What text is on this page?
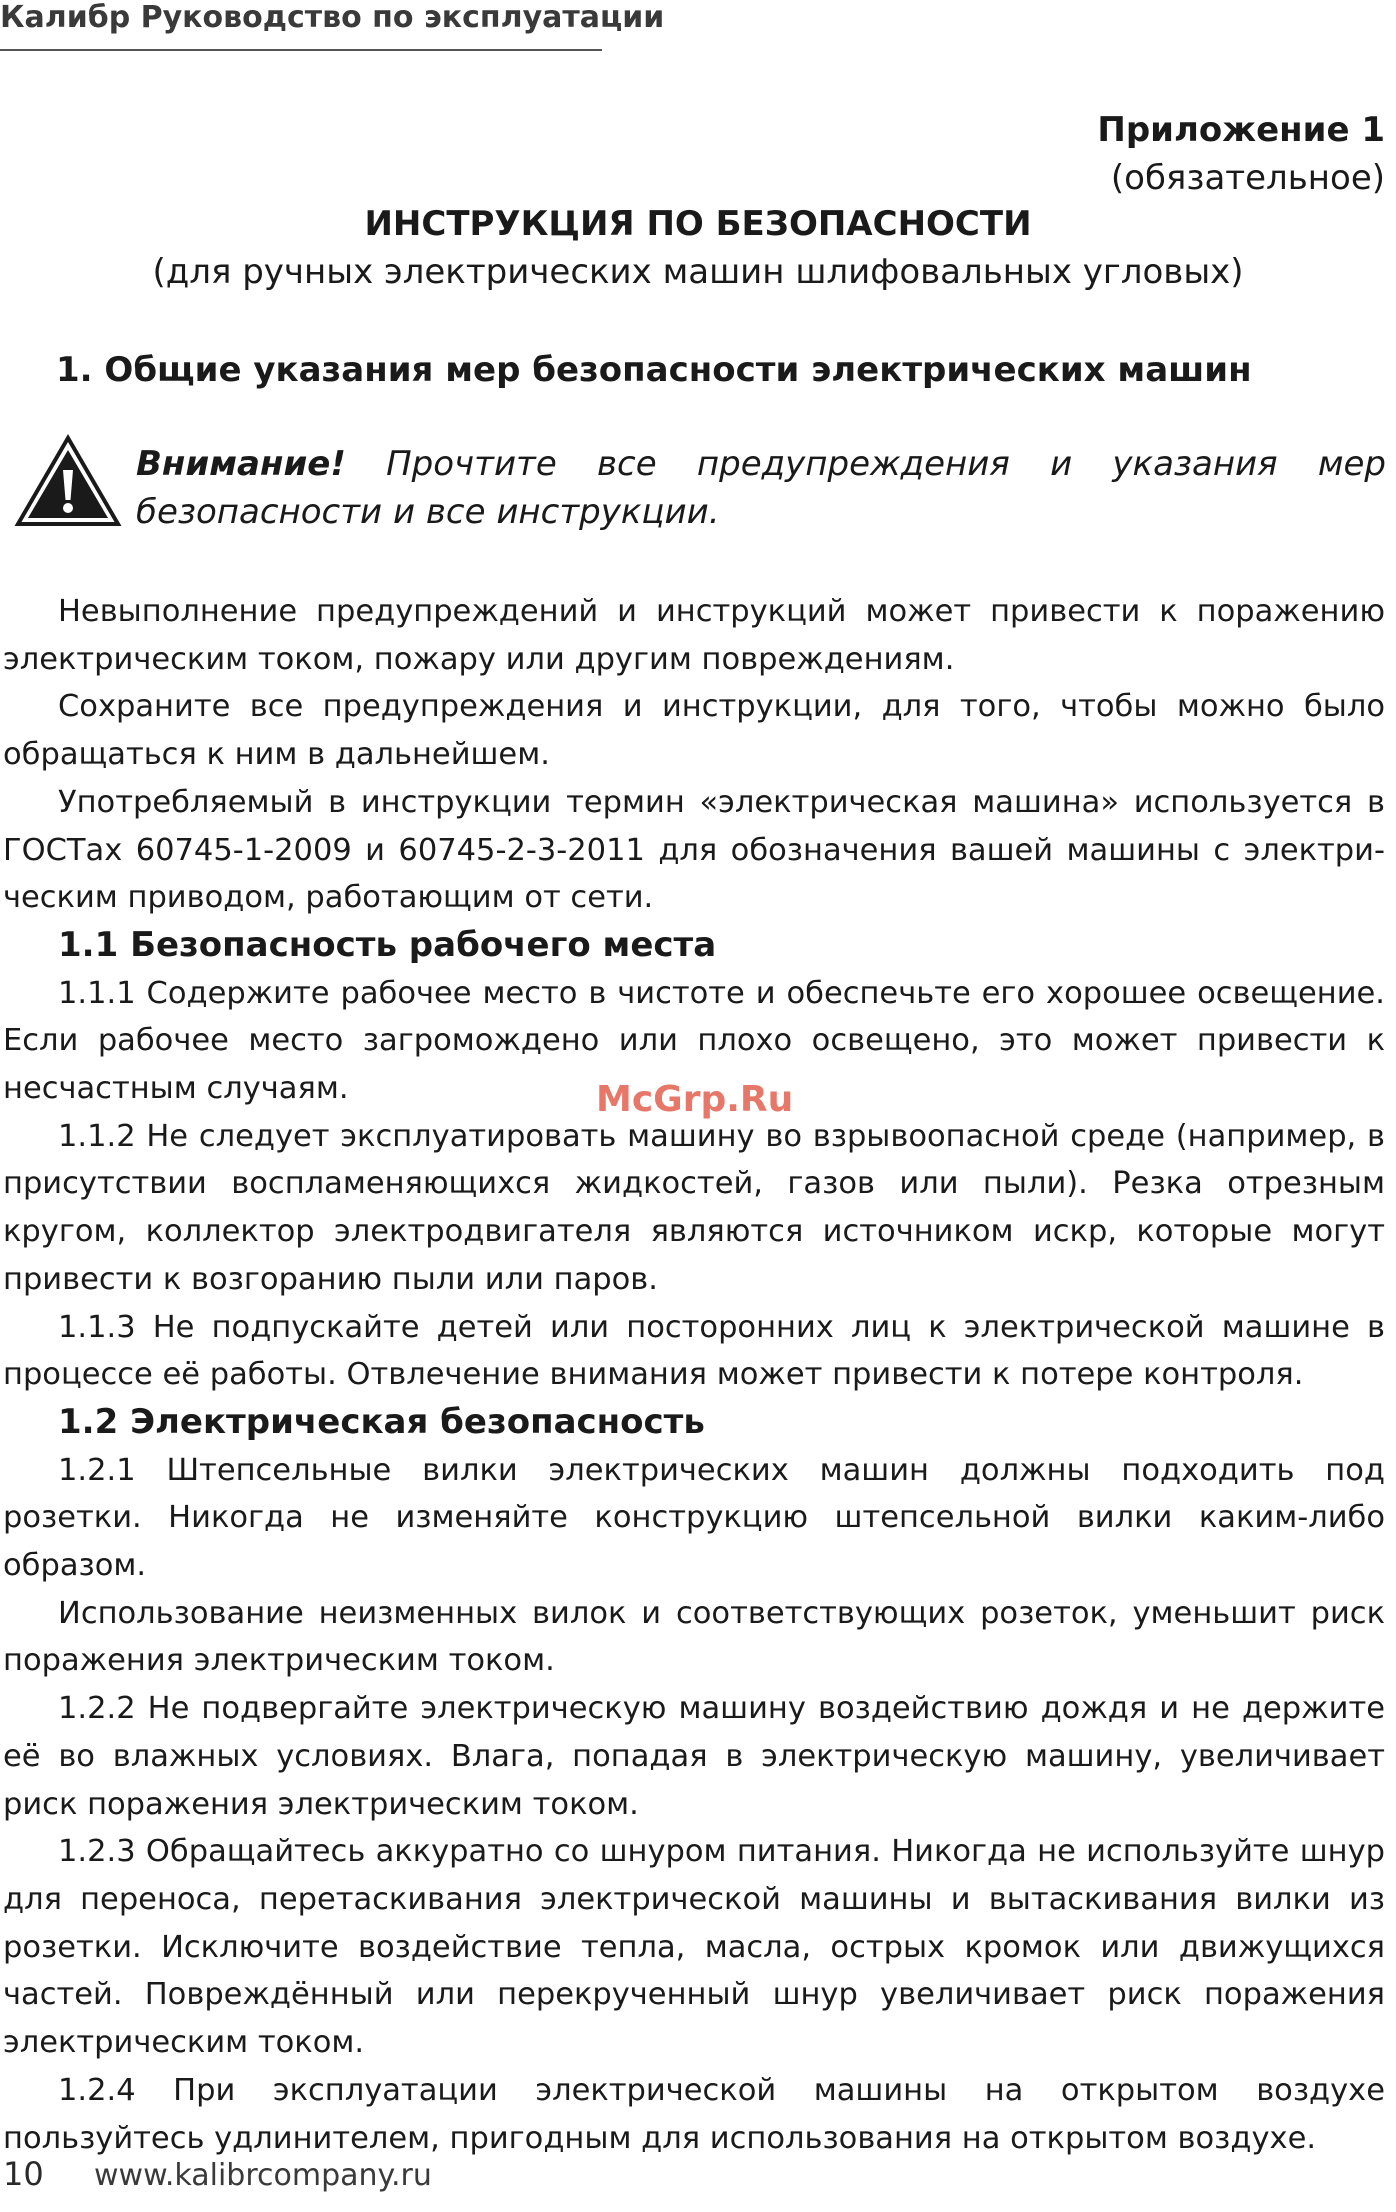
Калибр Руководство по эксплуатации
Приложение 1
(обязательное)
ИНСТРУКЦИЯ ПО БЕЗОПАСНОСТИ
(для ручных электрических машин шлифовальных угловых)
1. Общие указания мер безопасности электрических машин
Внимание! Прочтите все предупреждения и указания мер безопасности и все инструкции.

Невыполнение предупреждений и инструкций может привести к поражению электрическим током, пожару или другим повреждениям.

Сохраните все предупреждения и инструкции, для того, чтобы можно было обращаться к ним в дальнейшем.

Употребляемый в инструкции термин «электрическая машина» используется в ГОСТах 60745-1-2009 и 60745-2-3-2011 для обозначения вашей машины с электрическим приводом, работающим от сети.

1.1 Безопасность рабочего места

1.1.1 Содержите рабочее место в чистоте и обеспечьте его хорошее освещение. Если рабочее место загромождено или плохо освещено, это может привести к несчастным случаям.

1.1.2 Не следует эксплуатировать машину во взрывоопасной среде (например, в присутствии воспламеняющихся жидкостей, газов или пыли). Резка отрезным кругом, коллектор электродвигателя являются источником искр, которые могут привести к возгоранию пыли или паров.

1.1.3 Не подпускайте детей или посторонних лиц к электрической машине в процессе её работы. Отвлечение внимания может привести к потере контроля.

1.2 Электрическая безопасность

1.2.1 Штепсельные вилки электрических машин должны подходить под розетки. Никогда не изменяйте конструкцию штепсельной вилки каким-либо образом.

Использование неизменных вилок и соответствующих розеток, уменьшит риск поражения электрическим током.

1.2.2 Не подвергайте электрическую машину воздействию дождя и не держите её во влажных условиях. Влага, попадая в электрическую машину, увеличивает риск поражения электрическим током.

1.2.3 Обращайтесь аккуратно со шнуром питания. Никогда не используйте шнур для переноса, перетаскивания электрической машины и вытаскивания вилки из розетки. Исключите воздействие тепла, масла, острых кромок или движущихся частей. Повреждённый или перекрученный шнур увеличивает риск поражения электрическим током.

1.2.4 При эксплуатации электрической машины на открытом воздухе пользуйтесь удлинителем, пригодным для использования на открытом воздухе.

McGrp.Ru
10 www.kalibrcompany.ru
